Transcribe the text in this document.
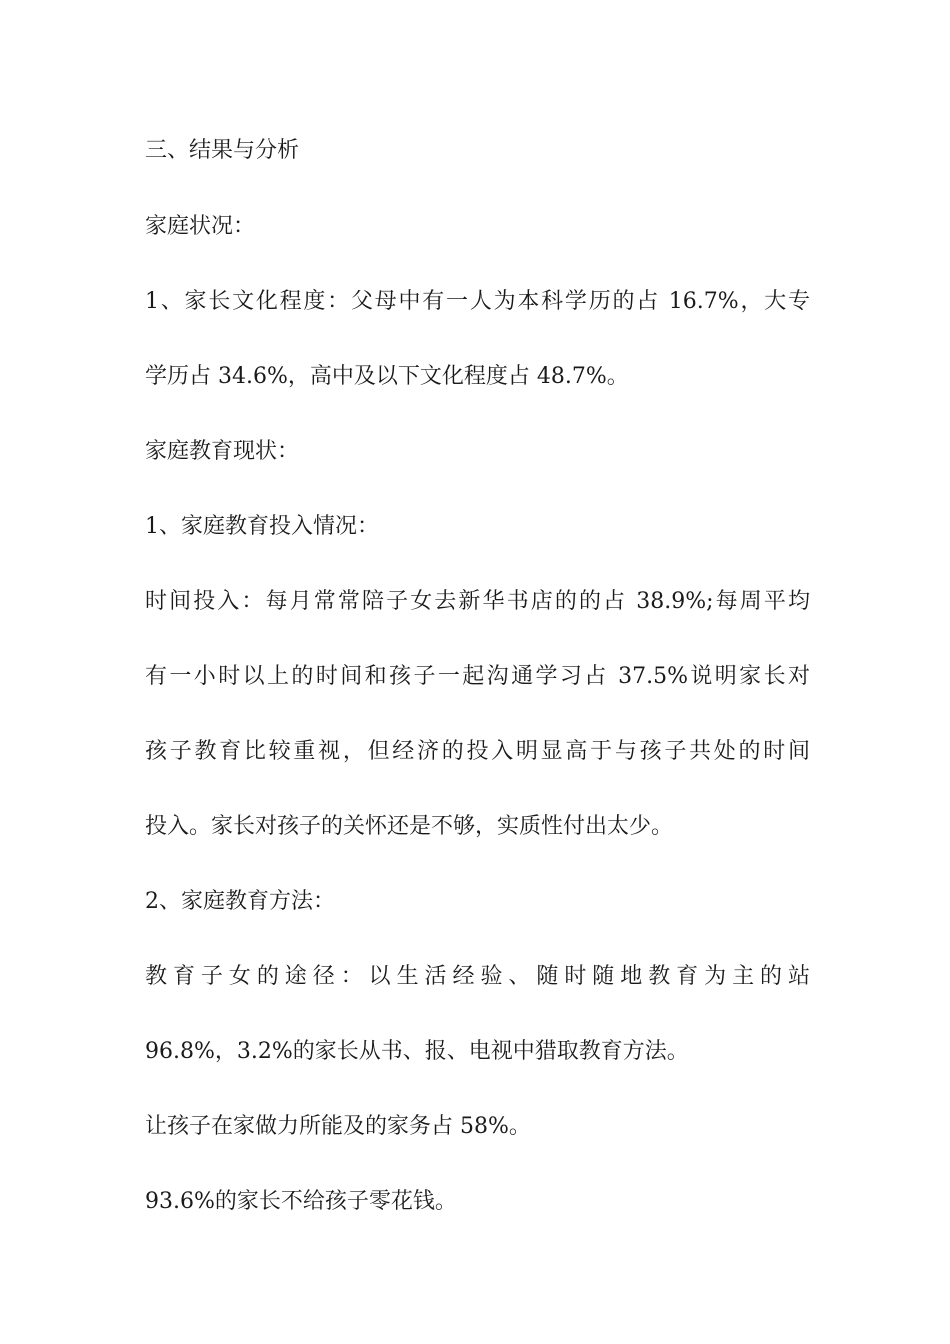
三、结果与分析

家庭状况：

1、家长文化程度：父母中有一人为本科学历的占 16.7%，大专

学历占 34.6%，高中及以下文化程度占 48.7%。

家庭教育现状：

1、家庭教育投入情况：

时间投入：每月常常陪子女去新华书店的的占 38.9%;每周平均

有一小时以上的时间和孩子一起沟通学习占 37.5%说明家长对

孩子教育比较重视，但经济的投入明显高于与孩子共处的时间

投入。家长对孩子的关怀还是不够，实质性付出太少。

2、家庭教育方法：

教育子女的途径：以生活经验、随时随地教育为主的站

96.8%，3.2%的家长从书、报、电视中猎取教育方法。

让孩子在家做力所能及的家务占 58%。

93.6%的家长不给孩子零花钱。
